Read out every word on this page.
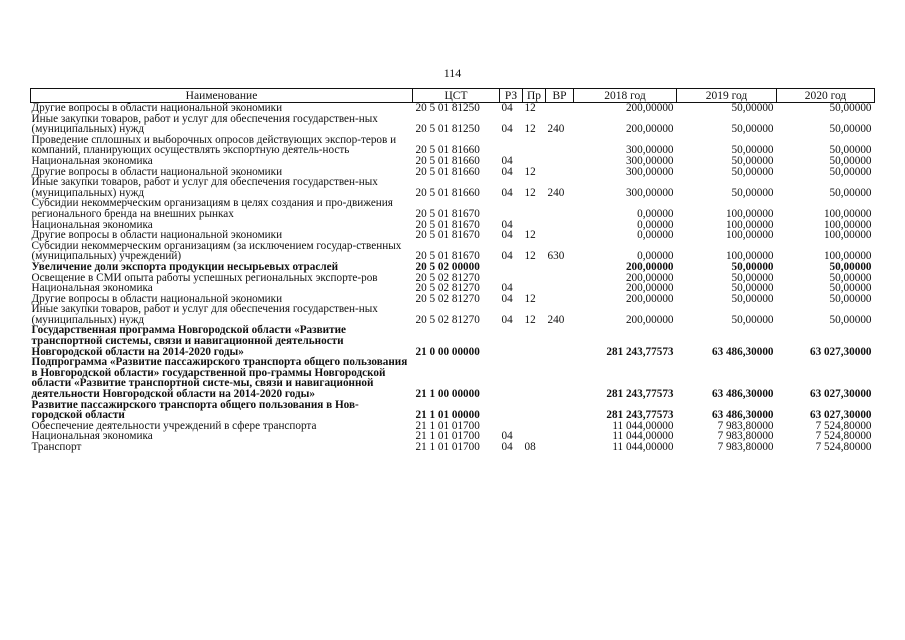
114
Наименование	ЦСТ	РЗ	Пр	ВР	2018 год	2019 год	2020 год
Другие вопросы в области национальной экономики	20 5 01 81250	04	12		200,00000	50,00000	50,00000
Иные закупки товаров, работ и услуг для обеспечения государствен-ных (муниципальных) нужд	20 5 01 81250	04	12	240	200,00000	50,00000	50,00000
Проведение сплошных и выборочных опросов действующих экспор-теров и компаний, планирующих осуществлять экспортную деятель-ность	20 5 01 81660				300,00000	50,00000	50,00000
Национальная экономика	20 5 01 81660	04			300,00000	50,00000	50,00000
Другие вопросы в области национальной экономики	20 5 01 81660	04	12		300,00000	50,00000	50,00000
Иные закупки товаров, работ и услуг для обеспечения государствен-ных (муниципальных) нужд	20 5 01 81660	04	12	240	300,00000	50,00000	50,00000
Субсидии некоммерческим организациям в целях создания и про-движения регионального бренда на внешних рынках	20 5 01 81670				0,00000	100,00000	100,00000
Национальная экономика	20 5 01 81670	04			0,00000	100,00000	100,00000
Другие вопросы в области национальной экономики	20 5 01 81670	04	12		0,00000	100,00000	100,00000
Субсидии некоммерческим организациям (за исключением государ-ственных (муниципальных) учреждений)	20 5 01 81670	04	12	630	0,00000	100,00000	100,00000
Увеличение доли экспорта продукции несырьевых отраслей	20 5 02 00000				200,00000	50,00000	50,00000
Освещение в СМИ опыта работы успешных региональных экспорте-ров	20 5 02 81270				200,00000	50,00000	50,00000
Национальная экономика	20 5 02 81270	04			200,00000	50,00000	50,00000
Другие вопросы в области национальной экономики	20 5 02 81270	04	12		200,00000	50,00000	50,00000
Иные закупки товаров, работ и услуг для обеспечения государствен-ных (муниципальных) нужд	20 5 02 81270	04	12	240	200,00000	50,00000	50,00000
Государственная программа Новгородской области «Развитие транспортной системы, связи и навигационной деятельности Новгородской области на 2014-2020 годы»	21 0 00 00000				281 243,77573	63 486,30000	63 027,30000
Подпрограмма «Развитие пассажирского транспорта общего пользования в Новгородской области» государственной про-граммы Новгородской области «Развитие транспортной систе-мы, связи и навигационной деятельности Новгородской области на 2014-2020 годы»	21 1 00 00000				281 243,77573	63 486,30000	63 027,30000
Развитие пассажирского транспорта общего пользования в Нов-городской области	21 1 01 00000				281 243,77573	63 486,30000	63 027,30000
Обеспечение деятельности учреждений в сфере транспорта	21 1 01 01700				11 044,00000	7 983,80000	7 524,80000
Национальная экономика	21 1 01 01700	04			11 044,00000	7 983,80000	7 524,80000
Транспорт	21 1 01 01700	04	08		11 044,00000	7 983,80000	7 524,80000
